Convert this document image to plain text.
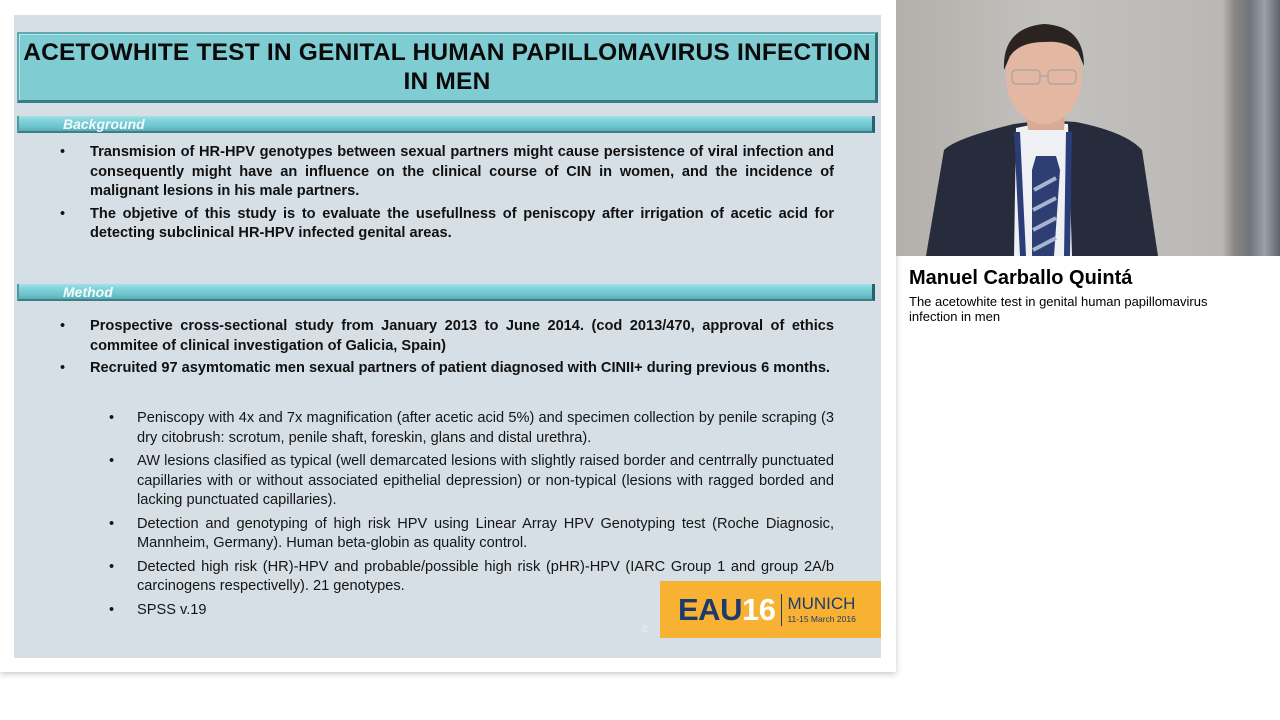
ACETOWHITE TEST IN GENITAL HUMAN PAPILLOMAVIRUS INFECTION IN MEN
Background
• Transmision of HR-HPV genotypes between sexual partners might cause persistence of viral infection and consequently might have an influence on the clinical course of CIN in women, and the incidence of malignant lesions in his male partners.
• The objetive of this study is to evaluate the usefullness of peniscopy after irrigation of acetic acid for detecting subclinical HR-HPV infected genital areas.
Method
• Prospective cross-sectional study from January 2013 to June 2014. (cod 2013/470, approval of ethics commitee of clinical investigation of Galicia, Spain)
• Recruited 97 asymtomatic men sexual partners of patient diagnosed with CINII+ during previous 6 months.
• Peniscopy with 4x and 7x magnification (after acetic acid 5%) and specimen collection by penile scraping (3 dry citobrush: scrotum, penile shaft, foreskin, glans and distal urethra).
• AW lesions clasified as typical (well demarcated lesions with slightly raised border and centrrally punctuated capillaries with or without associated epithelial depression) or non-typical (lesions with ragged borded and lacking punctuated capillaries).
• Detection and genotyping of high risk HPV using Linear Array HPV Genotyping test (Roche Diagnosic, Mannheim, Germany). Human beta-globin as quality control.
• Detected high risk (HR)-HPV and probable/possible high risk (pHR)-HPV (IARC Group 1 and group 2A/b carcinogens respectivelly). 21 genotypes.
• SPSS v.19
©
EAU 16 MUNICH
11-15 March 2016
Manuel Carballo Quintá
The acetowhite test in genital human papillomavirus infection in men
